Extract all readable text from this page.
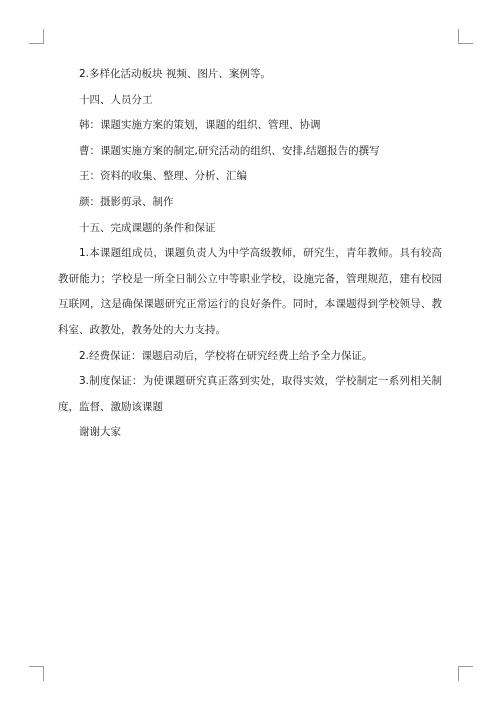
2.多样化活动板块 视频、图片、案例等。

十四、人员分工

韩：课题实施方案的策划，课题的组织、管理、协调

曹：课题实施方案的制定,研究活动的组织、安排,结题报告的撰写

王：资料的收集、整理、分析、汇编

颜：摄影剪录、制作

十五、完成课题的条件和保证

1.本课题组成员，课题负责人为中学高级教师，研究生，青年教师。具有较高教研能力；学校是一所全日制公立中等职业学校，设施完备，管理规范，建有校园互联网，这是确保课题研究正常运行的良好条件。同时，本课题得到学校领导、教科室、政教处，教务处的大力支持。

2.经费保证：课题启动后，学校将在研究经费上给予全力保证。

3.制度保证：为使课题研究真正落到实处，取得实效，学校制定一系列相关制度，监督、激励该课题

谢谢大家
